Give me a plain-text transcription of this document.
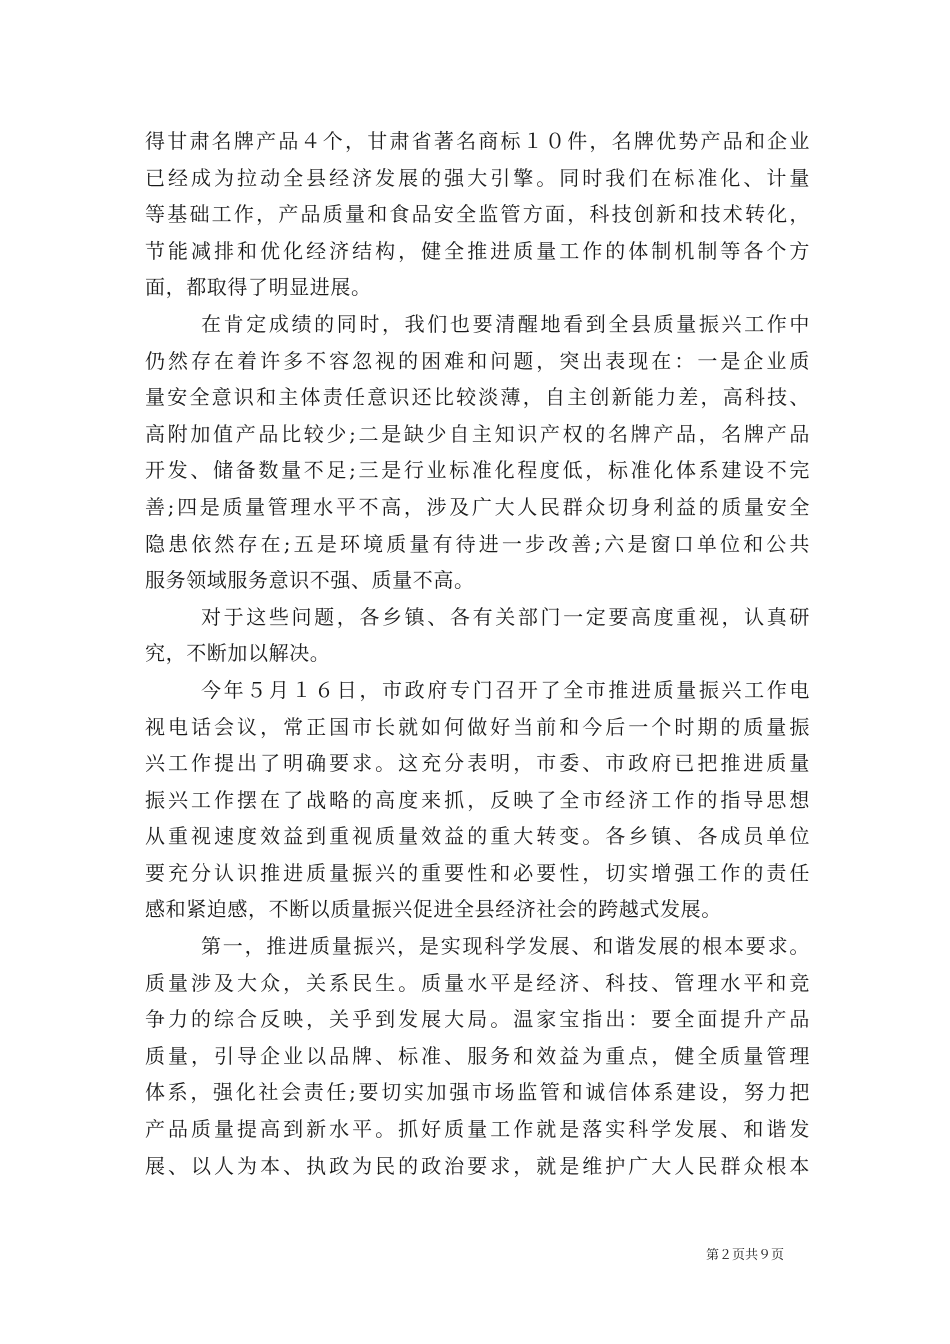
得甘肃名牌产品４个，甘肃省著名商标１０件，名牌优势产品和企业
已经成为拉动全县经济发展的强大引擎。同时我们在标准化、计量
等基础工作，产品质量和食品安全监管方面，科技创新和技术转化，
节能减排和优化经济结构，健全推进质量工作的体制机制等各个方
面，都取得了明显进展。
在肯定成绩的同时，我们也要清醒地看到全县质量振兴工作中
仍然存在着许多不容忽视的困难和问题，突出表现在：一是企业质
量安全意识和主体责任意识还比较淡薄，自主创新能力差，高科技、
高附加值产品比较少;二是缺少自主知识产权的名牌产品，名牌产品
开发、储备数量不足;三是行业标准化程度低，标准化体系建设不完
善;四是质量管理水平不高，涉及广大人民群众切身利益的质量安全
隐患依然存在;五是环境质量有待进一步改善;六是窗口单位和公共
服务领域服务意识不强、质量不高。
对于这些问题，各乡镇、各有关部门一定要高度重视，认真研
究，不断加以解决。
今年５月１６日，市政府专门召开了全市推进质量振兴工作电
视电话会议，常正国市长就如何做好当前和今后一个时期的质量振
兴工作提出了明确要求。这充分表明，市委、市政府已把推进质量
振兴工作摆在了战略的高度来抓，反映了全市经济工作的指导思想
从重视速度效益到重视质量效益的重大转变。各乡镇、各成员单位
要充分认识推进质量振兴的重要性和必要性，切实增强工作的责任
感和紧迫感，不断以质量振兴促进全县经济社会的跨越式发展。
第一，推进质量振兴，是实现科学发展、和谐发展的根本要求。
质量涉及大众，关系民生。质量水平是经济、科技、管理水平和竞
争力的综合反映，关乎到发展大局。温家宝指出：要全面提升产品
质量，引导企业以品牌、标准、服务和效益为重点，健全质量管理
体系，强化社会责任;要切实加强市场监管和诚信体系建设，努力把
产品质量提高到新水平。抓好质量工作就是落实科学发展、和谐发
展、以人为本、执政为民的政治要求，就是维护广大人民群众根本
第２页共９页
